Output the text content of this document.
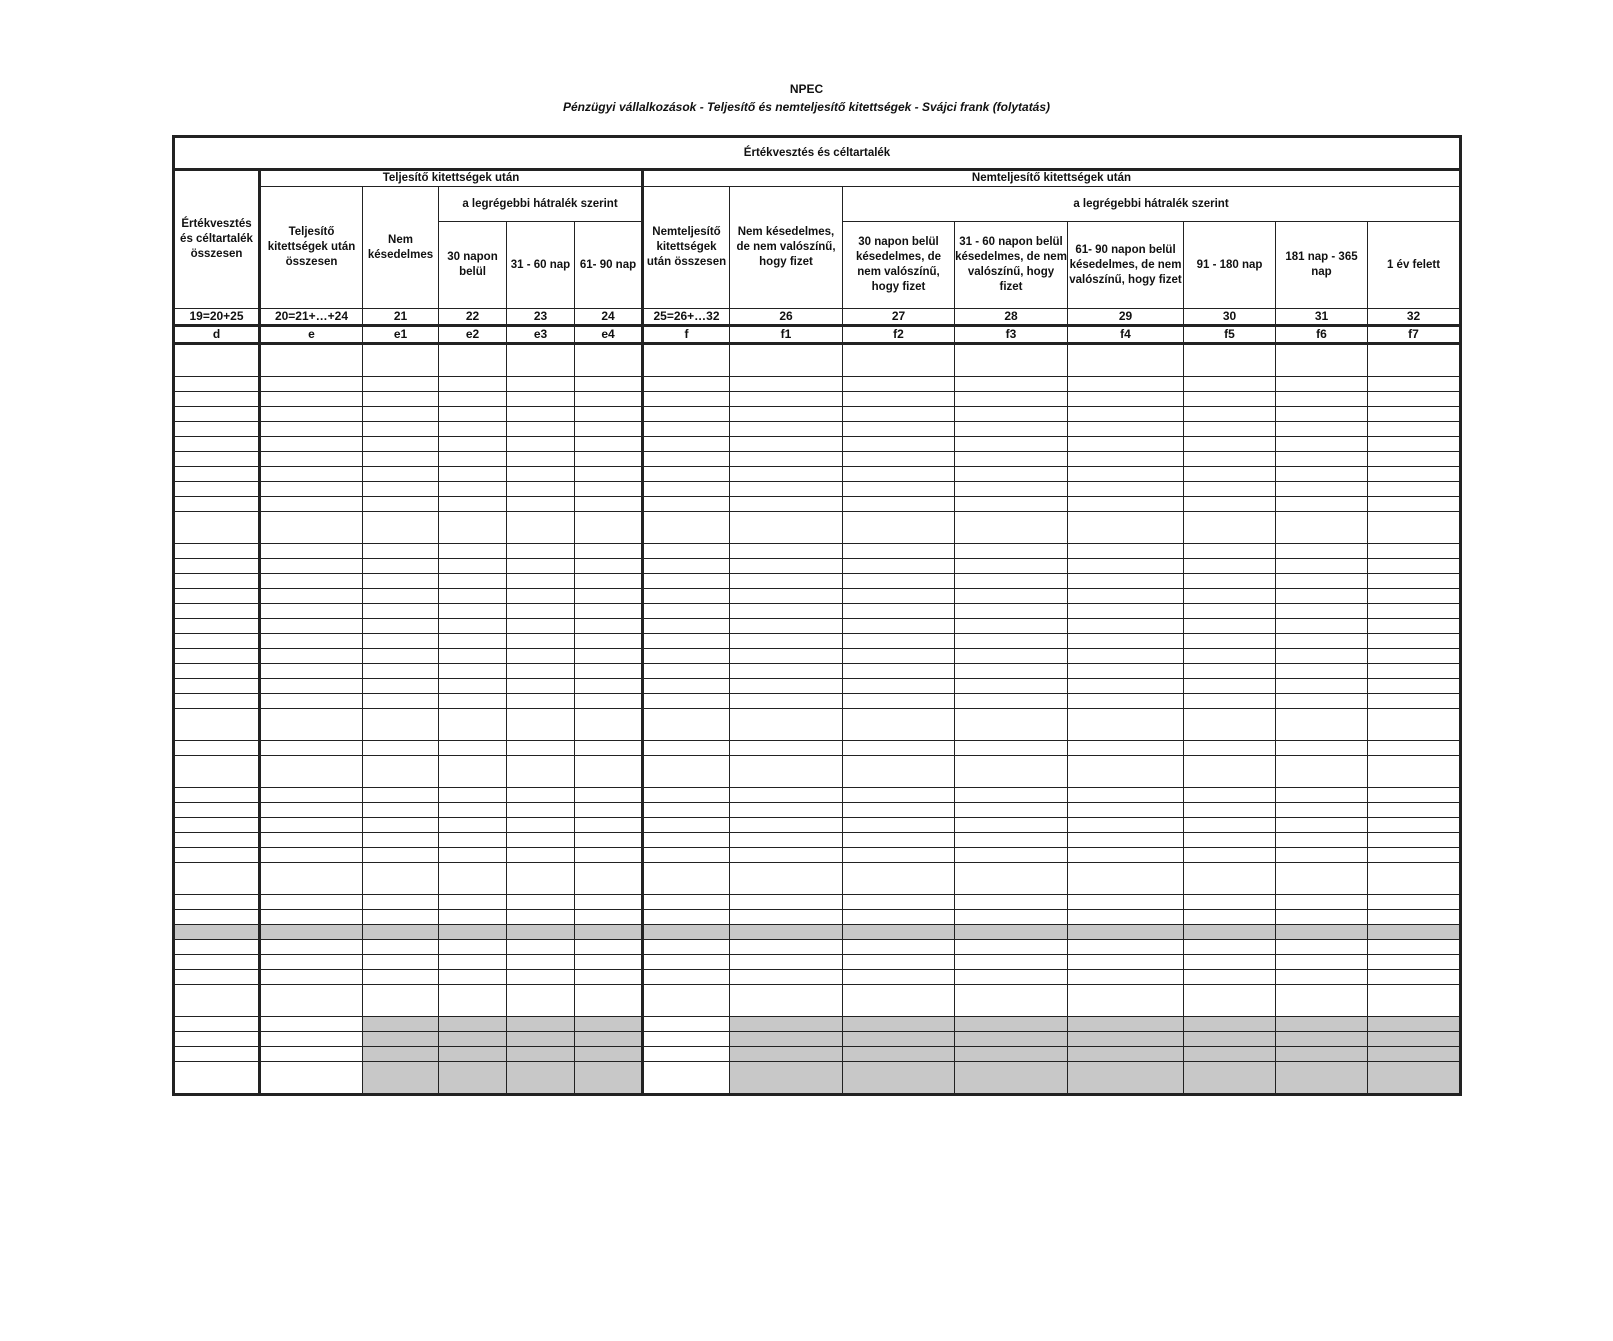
NPEC
Pénzügyi vállalkozások - Teljesítő és nemteljesítő kitettségek - Svájci frank (folytatás)
Értékvesztés és céltartalék													
Értékvesztés és céltartalék összesen	Teljesítő kitettségek után					Nemteljesítő kitettségek után							
	Teljesítő kitettségek után összesen	Nem késedelmes	a legrégebbi hátralék szerint			Nemteljesítő kitettségek után összesen	Nem késedelmes, de nem valószínű, hogy fizet	a legrégebbi hátralék szerint					
			30 napon belül	31 - 60 nap	61- 90 nap			30 napon belül késedelmes, de nem valószínű, hogy fizet	31 - 60 napon belül késedelmes, de nem valószínű, hogy fizet	61- 90 napon belül késedelmes, de nem valószínű, hogy fizet	91 - 180 nap	181 nap - 365 nap	1 év felett
19=20+25	20=21+…+24	21	22	23	24	25=26+…32	26	27	28	29	30	31	32
d	e	e1	e2	e3	e4	f	f1	f2	f3	f4	f5	f6	f7
